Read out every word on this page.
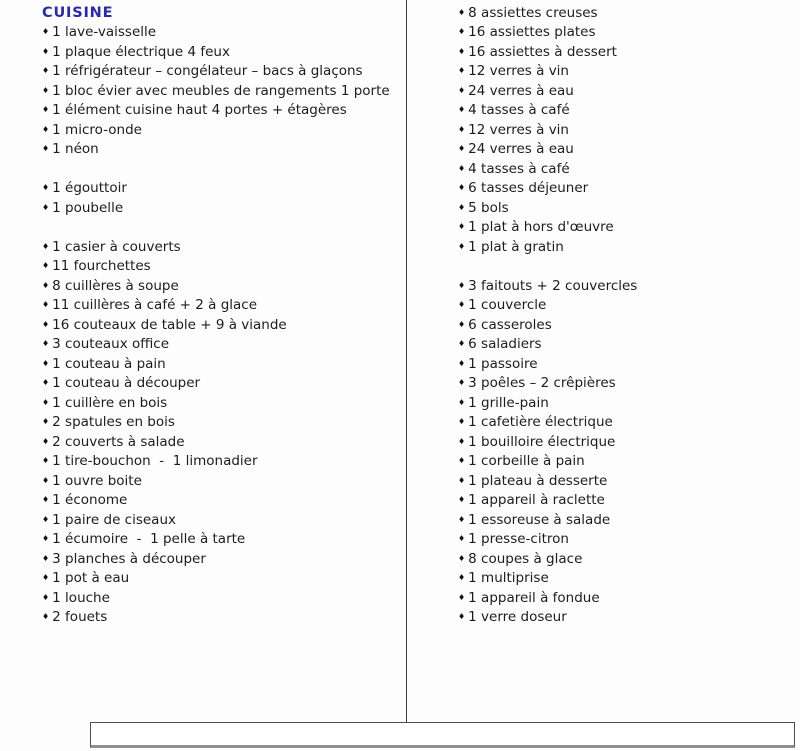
CUISINE
♦ 1 lave-vaisselle
♦ 1 plaque électrique 4 feux
♦ 1 réfrigérateur – congélateur – bacs à glaçons
♦ 1 bloc évier avec meubles de rangements 1 porte
♦ 1 élément cuisine haut 4 portes + étagères
♦ 1 micro-onde
♦ 1 néon
♦ 1 égouttoir
♦ 1 poubelle
♦ 1 casier à couverts
♦ 11 fourchettes
♦ 8 cuillères à soupe
♦ 11 cuillères à café + 2 à glace
♦ 16 couteaux de table + 9 à viande
♦ 3 couteaux office
♦ 1 couteau à pain
♦ 1 couteau à découper
♦ 1 cuillère en bois
♦ 2 spatules en bois
♦ 2 couverts à salade
♦ 1 tire-bouchon  -  1 limonadier
♦ 1 ouvre boite
♦ 1 économe
♦ 1 paire de ciseaux
♦ 1 écumoire  -  1 pelle à tarte
♦ 3 planches à découper
♦ 1 pot à eau
♦ 1 louche
♦ 2 fouets
♦ 8 assiettes creuses
♦ 16 assiettes plates
♦ 16 assiettes à dessert
♦ 12 verres à vin
♦ 24 verres à eau
♦ 4 tasses à café
♦ 12 verres à vin
♦ 24 verres à eau
♦ 4 tasses à café
♦ 6 tasses déjeuner
♦ 5 bols
♦ 1 plat à hors d'œuvre
♦ 1 plat à gratin
♦ 3 faitouts + 2 couvercles
♦ 1 couvercle
♦ 6 casseroles
♦ 6 saladiers
♦ 1 passoire
♦ 3 poêles – 2 crêpières
♦ 1 grille-pain
♦ 1 cafetière électrique
♦ 1 bouilloire électrique
♦ 1 corbeille à pain
♦ 1 plateau à desserte
♦ 1 appareil à raclette
♦ 1 essoreuse à salade
♦ 1 presse-citron
♦ 8 coupes à glace
♦ 1 multiprise
♦ 1 appareil à fondue
♦ 1 verre doseur
